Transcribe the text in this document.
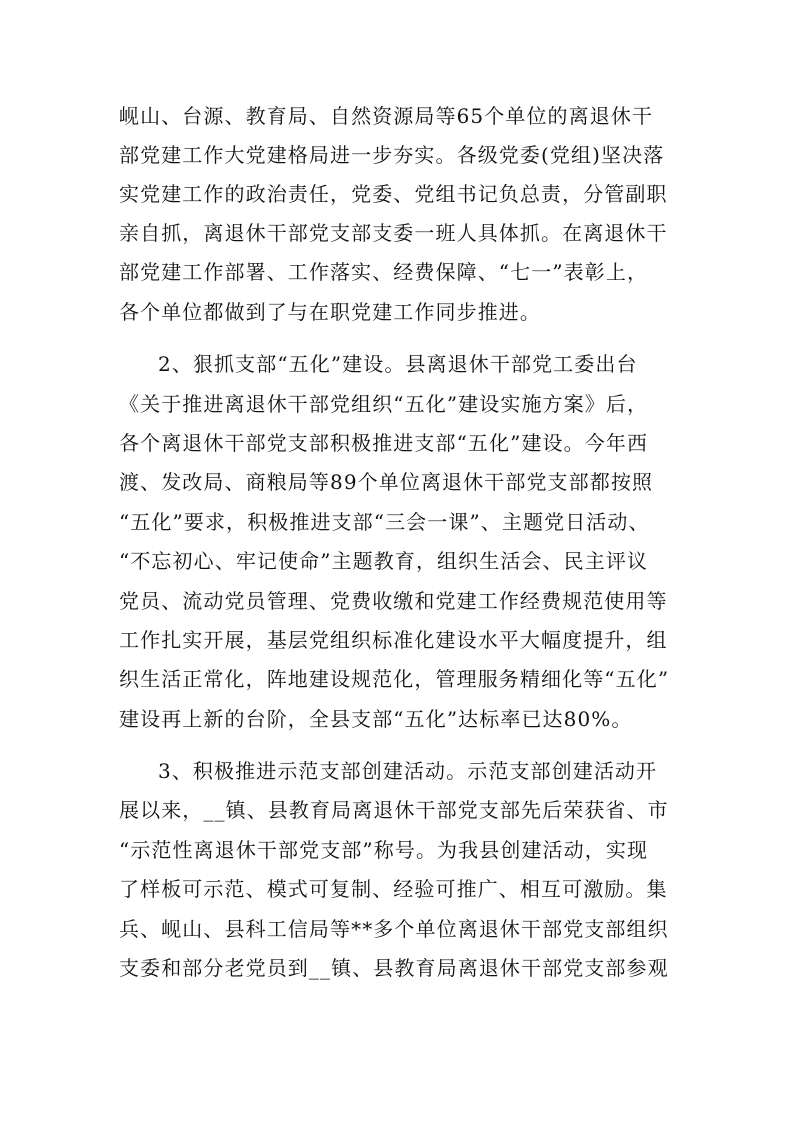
岘山、台源、教育局、自然资源局等65个单位的离退休干
部党建工作大党建格局进一步夯实。各级党委(党组)坚决落
实党建工作的政治责任，党委、党组书记负总责，分管副职
亲自抓，离退休干部党支部支委一班人具体抓。在离退休干
部党建工作部署、工作落实、经费保障、“七一”表彰上，
各个单位都做到了与在职党建工作同步推进。
2、狠抓支部“五化”建设。县离退休干部党工委出台
《关于推进离退休干部党组织“五化”建设实施方案》后，
各个离退休干部党支部积极推进支部“五化”建设。今年西
渡、发改局、商粮局等89个单位离退休干部党支部都按照
“五化”要求，积极推进支部“三会一课”、主题党日活动、
“不忘初心、牢记使命”主题教育，组织生活会、民主评议
党员、流动党员管理、党费收缴和党建工作经费规范使用等
工作扎实开展，基层党组织标准化建设水平大幅度提升，组
织生活正常化，阵地建设规范化，管理服务精细化等“五化”
建设再上新的台阶，全县支部“五化”达标率已达80%。
3、积极推进示范支部创建活动。示范支部创建活动开
展以来，__镇、县教育局离退休干部党支部先后荣获省、市
“示范性离退休干部党支部”称号。为我县创建活动，实现
了样板可示范、模式可复制、经验可推广、相互可激励。集
兵、岘山、县科工信局等**多个单位离退休干部党支部组织
支委和部分老党员到__镇、县教育局离退休干部党支部参观
